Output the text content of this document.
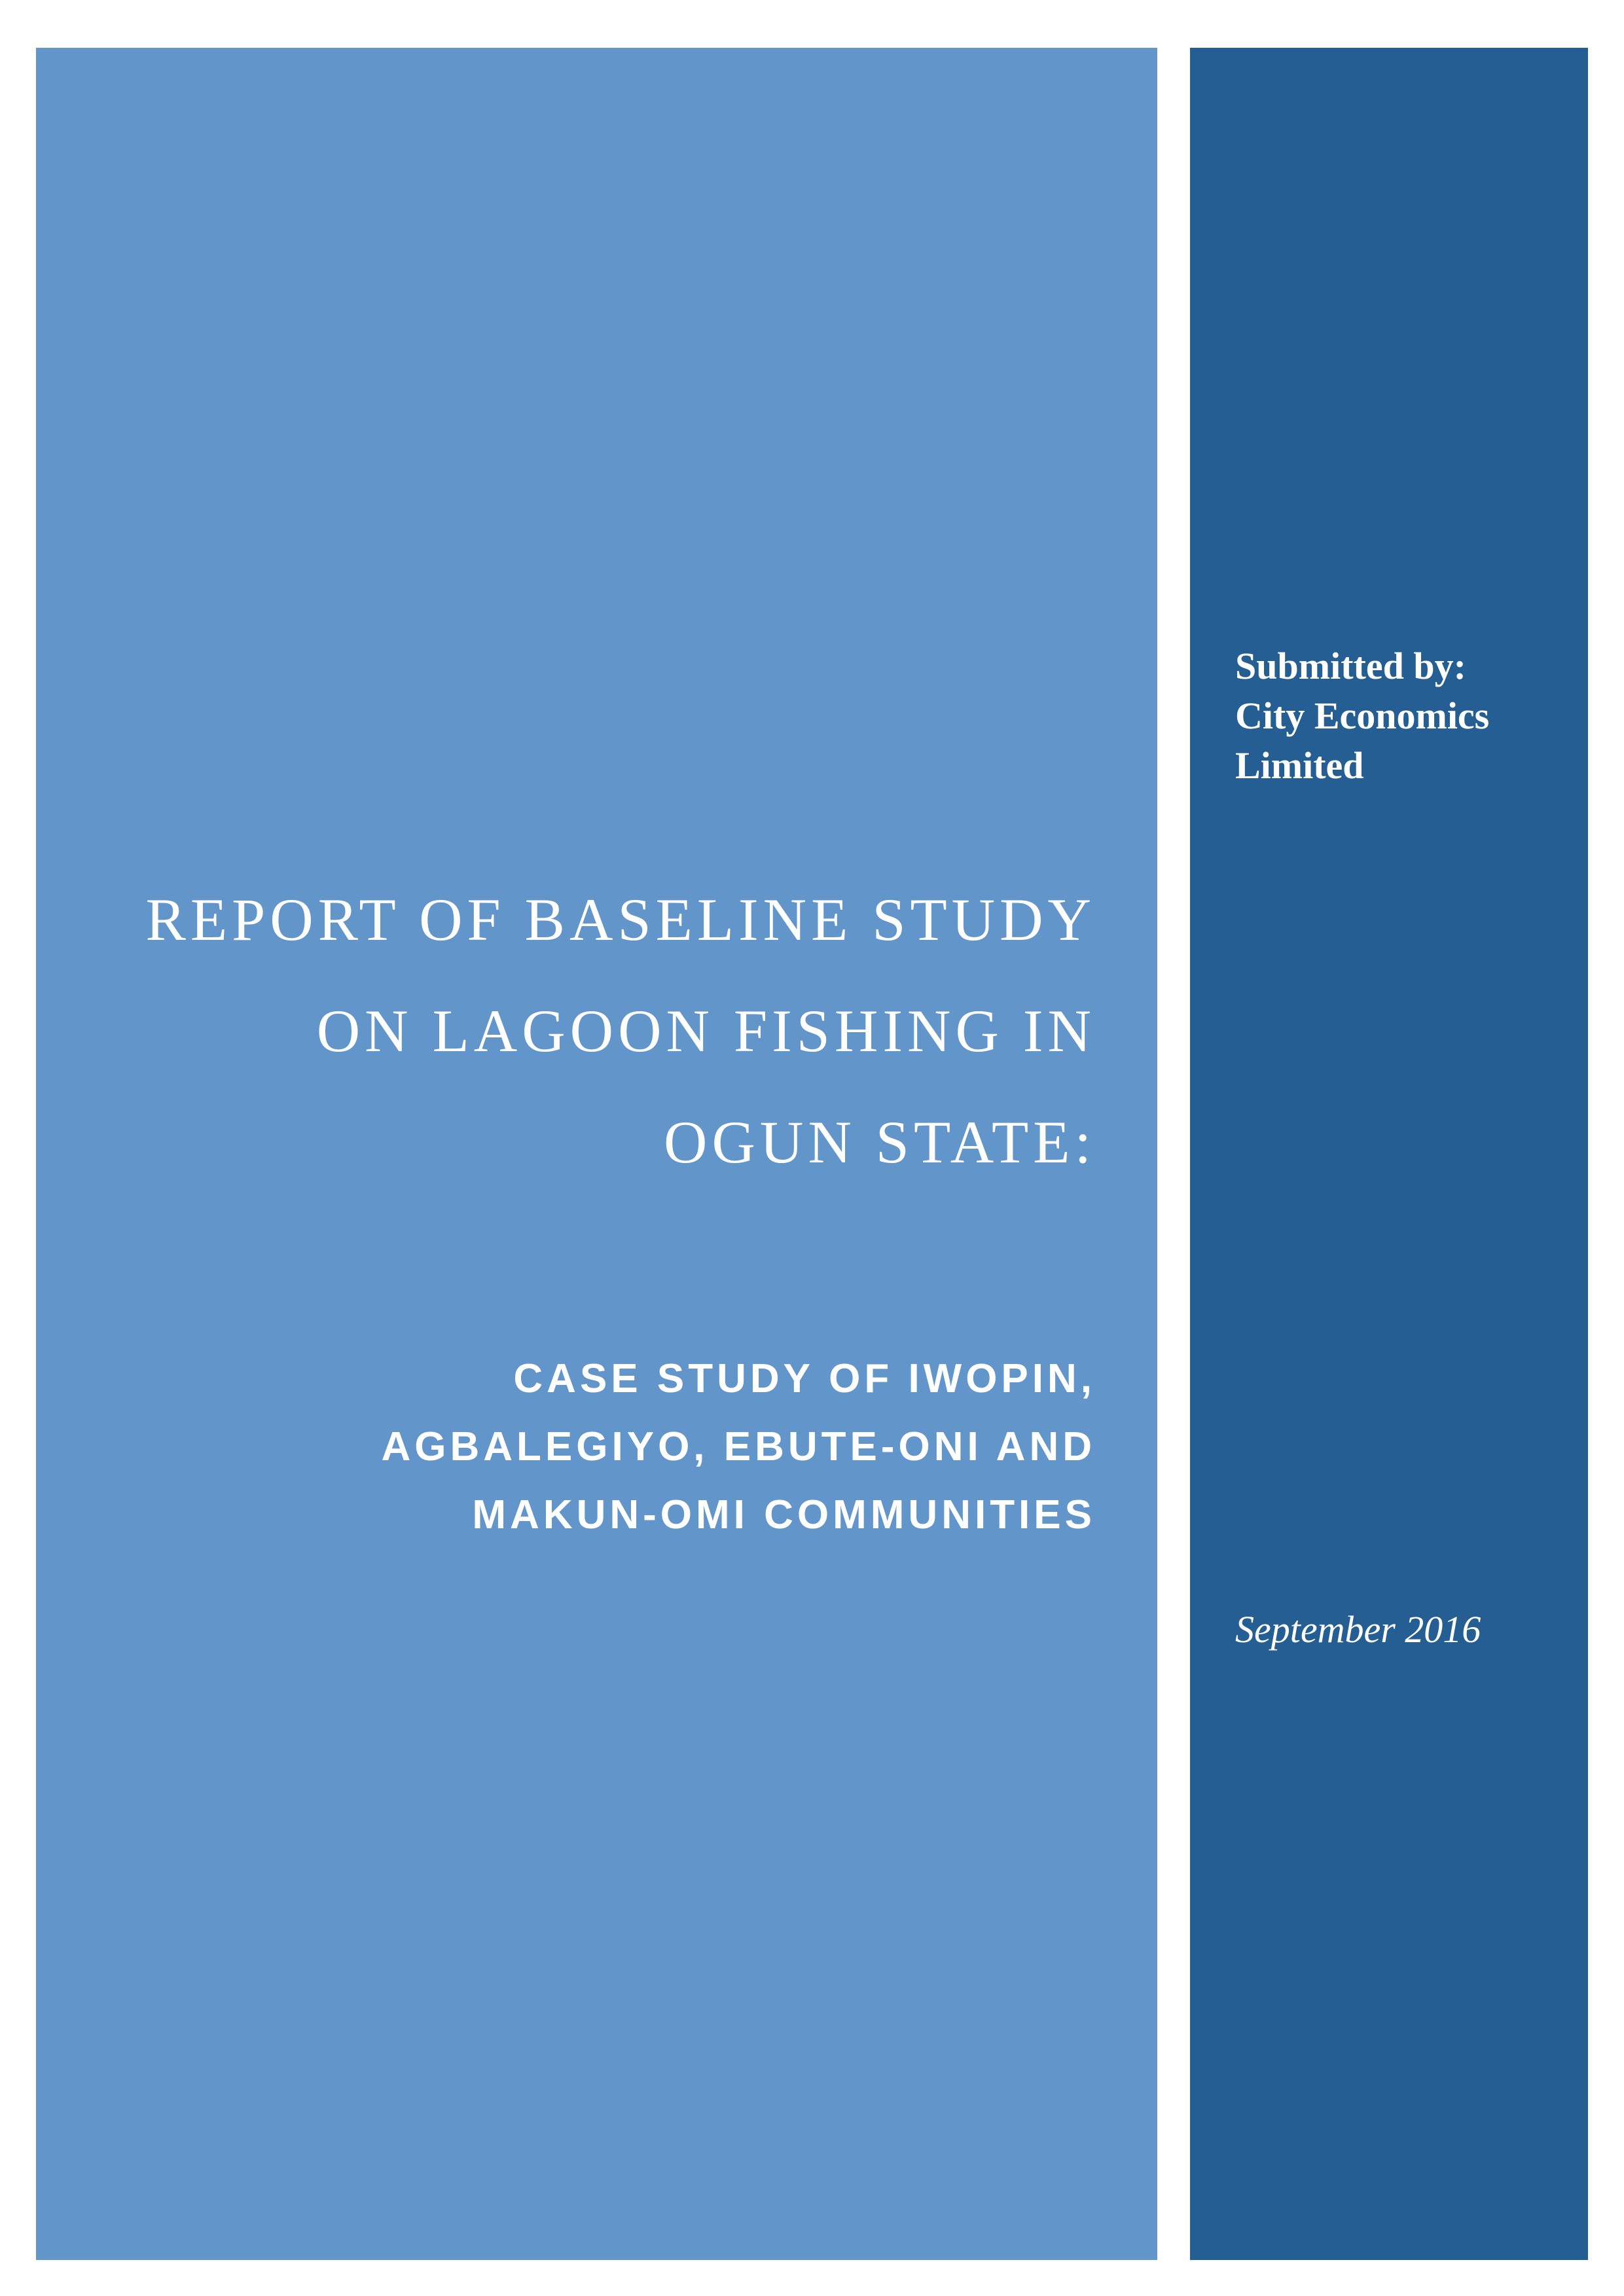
REPORT OF BASELINE STUDY
ON LAGOON FISHING IN
OGUN STATE:
CASE STUDY OF IWOPIN,
AGBALEGIYO, EBUTE-ONI AND
MAKUN-OMI COMMUNITIES
Submitted by:
City Economics
Limited
September 2016
